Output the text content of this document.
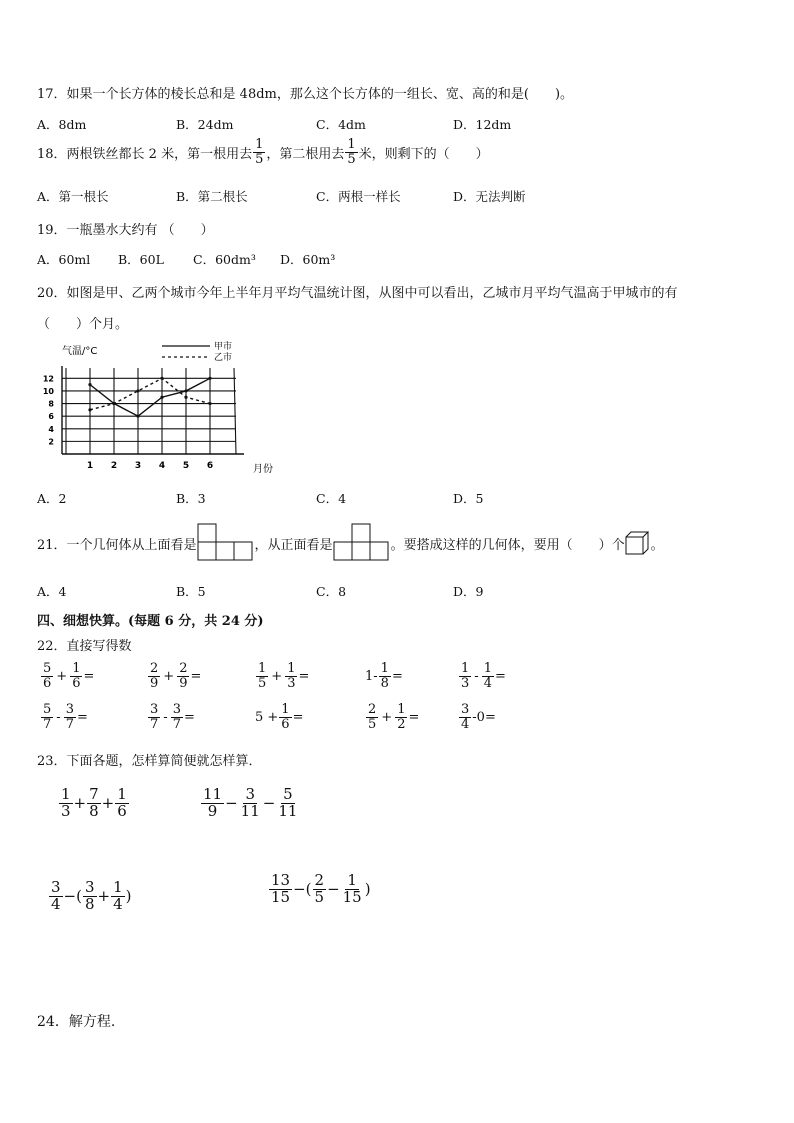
17．如果一个长方体的棱长总和是 48dm，那么这个长方体的一组长、宽、高的和是(　　)。
A．8dm	B．24dm	C．4dm	D．12dm
18．两根铁丝都长 2 米，第一根用去 $\frac{1}{5}$ ，第二根用去 $\frac{1}{5}$ 米，则剩下的（　　）
A．第一根长	B．第二根长	C．两根一样长	D．无法判断
19．一瓶墨水大约有 （　　）
A．60ml B．60L C．60dm³ D．60m³
20．如图是甲、乙两个城市今年上半年月平均气温统计图，从图中可以看出，乙城市月平均气温高于甲城市的有
（　　）个月。
2
4
6
8
10
12
1 2 3 4 5 6
气温/°C
月份
甲市
乙市
A．2	B．3	C．4	D．5
21．一个几何体从上面看是	，从正面看是	。要搭成这样的几何体，要用（　　）个 。
A．4	B．5	C．8	D．9
四、细想快算。(每题 6 分，共 24 分)
22．直接写得数
$\frac{5}{6} + \frac{1}{6}$ =	$\frac{2}{9} + \frac{2}{9}$ =	$\frac{1}{5} + \frac{1}{3}$ =	$1- \frac{1}{8}$ =	$\frac{1}{3} - \frac{1}{4}$ =
$\frac{5}{7} - \frac{3}{7}$ =	$\frac{3}{7} - \frac{3}{7}$ =	$5 + \frac{1}{6}$ =	$\frac{2}{5} + \frac{1}{2}$ =	$\frac{3}{4} -0=$
23．下面各题，怎样算简便就怎样算．
$\frac{1}{3} + \frac{7}{8} + \frac{1}{6}$	$\frac{11}{9} - \frac{3}{11} - \frac{5}{11}$
$\frac{3}{4}$ −( $\frac{3}{8} + \frac{1}{4}$ )	$\frac{13}{15}$ −( $\frac{2}{5} - \frac{1}{15}$ )
24．解方程.
